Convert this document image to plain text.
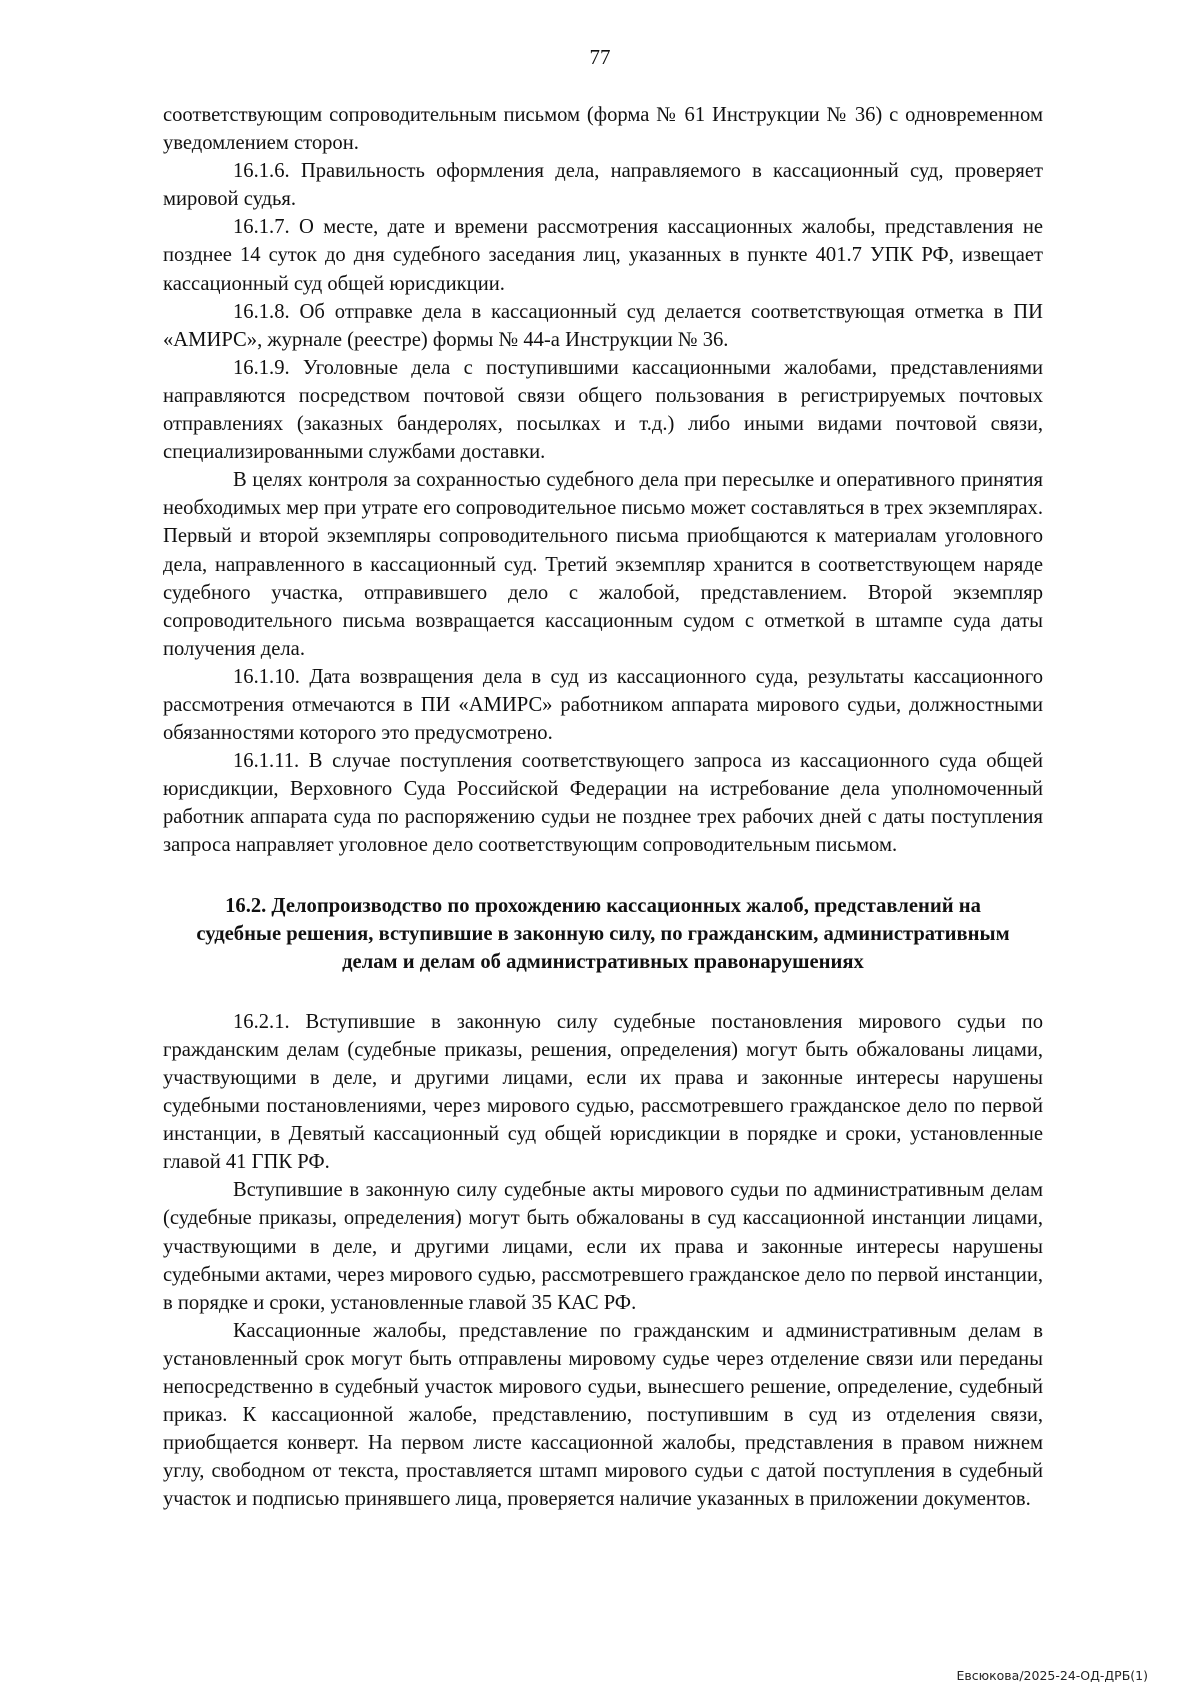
77

соответствующим сопроводительным письмом (форма № 61 Инструкции № 36) с одновременном уведомлением сторон.

16.1.6. Правильность оформления дела, направляемого в кассационный суд, проверяет мировой судья.

16.1.7. О месте, дате и времени рассмотрения кассационных жалобы, представления не позднее 14 суток до дня судебного заседания лиц, указанных в пункте 401.7 УПК РФ, извещает кассационный суд общей юрисдикции.

16.1.8. Об отправке дела в кассационный суд делается соответствующая отметка в ПИ «АМИРС», журнале (реестре) формы № 44-а Инструкции № 36.

16.1.9. Уголовные дела с поступившими кассационными жалобами, представлениями направляются посредством почтовой связи общего пользования в регистрируемых почтовых отправлениях (заказных бандеролях, посылках и т.д.) либо иными видами почтовой связи, специализированными службами доставки.

В целях контроля за сохранностью судебного дела при пересылке и оперативного принятия необходимых мер при утрате его сопроводительное письмо может составляться в трех экземплярах. Первый и второй экземпляры сопроводительного письма приобщаются к материалам уголовного дела, направленного в кассационный суд. Третий экземпляр хранится в соответствующем наряде судебного участка, отправившего дело с жалобой, представлением. Второй экземпляр сопроводительного письма возвращается кассационным судом с отметкой в штампе суда даты получения дела.

16.1.10. Дата возвращения дела в суд из кассационного суда, результаты кассационного рассмотрения отмечаются в ПИ «АМИРС» работником аппарата мирового судьи, должностными обязанностями которого это предусмотрено.

16.1.11. В случае поступления соответствующего запроса из кассационного суда общей юрисдикции, Верховного Суда Российской Федерации на истребование дела уполномоченный работник аппарата суда по распоряжению судьи не позднее трех рабочих дней с даты поступления запроса направляет уголовное дело соответствующим сопроводительным письмом.

16.2. Делопроизводство по прохождению кассационных жалоб, представлений на
судебные решения, вступившие в законную силу, по гражданским, административным
делам и делам об административных правонарушениях

16.2.1. Вступившие в законную силу судебные постановления мирового судьи по гражданским делам (судебные приказы, решения, определения) могут быть обжалованы лицами, участвующими в деле, и другими лицами, если их права и законные интересы нарушены судебными постановлениями, через мирового судью, рассмотревшего гражданское дело по первой инстанции, в Девятый кассационный суд общей юрисдикции в порядке и сроки, установленные главой 41 ГПК РФ.

Вступившие в законную силу судебные акты мирового судьи по административным делам (судебные приказы, определения) могут быть обжалованы в суд кассационной инстанции лицами, участвующими в деле, и другими лицами, если их права и законные интересы нарушены судебными актами, через мирового судью, рассмотревшего гражданское дело по первой инстанции, в порядке и сроки, установленные главой 35 КАС РФ.

Кассационные жалобы, представление по гражданским и административным делам в установленный срок могут быть отправлены мировому судье через отделение связи или переданы непосредственно в судебный участок мирового судьи, вынесшего решение, определение, судебный приказ. К кассационной жалобе, представлению, поступившим в суд из отделения связи, приобщается конверт. На первом листе кассационной жалобы, представления в правом нижнем углу, свободном от текста, проставляется штамп мирового судьи с датой поступления в судебный участок и подписью принявшего лица, проверяется наличие указанных в приложении документов.

Евсюкова/2025-24-ОД-ДРБ(1)
